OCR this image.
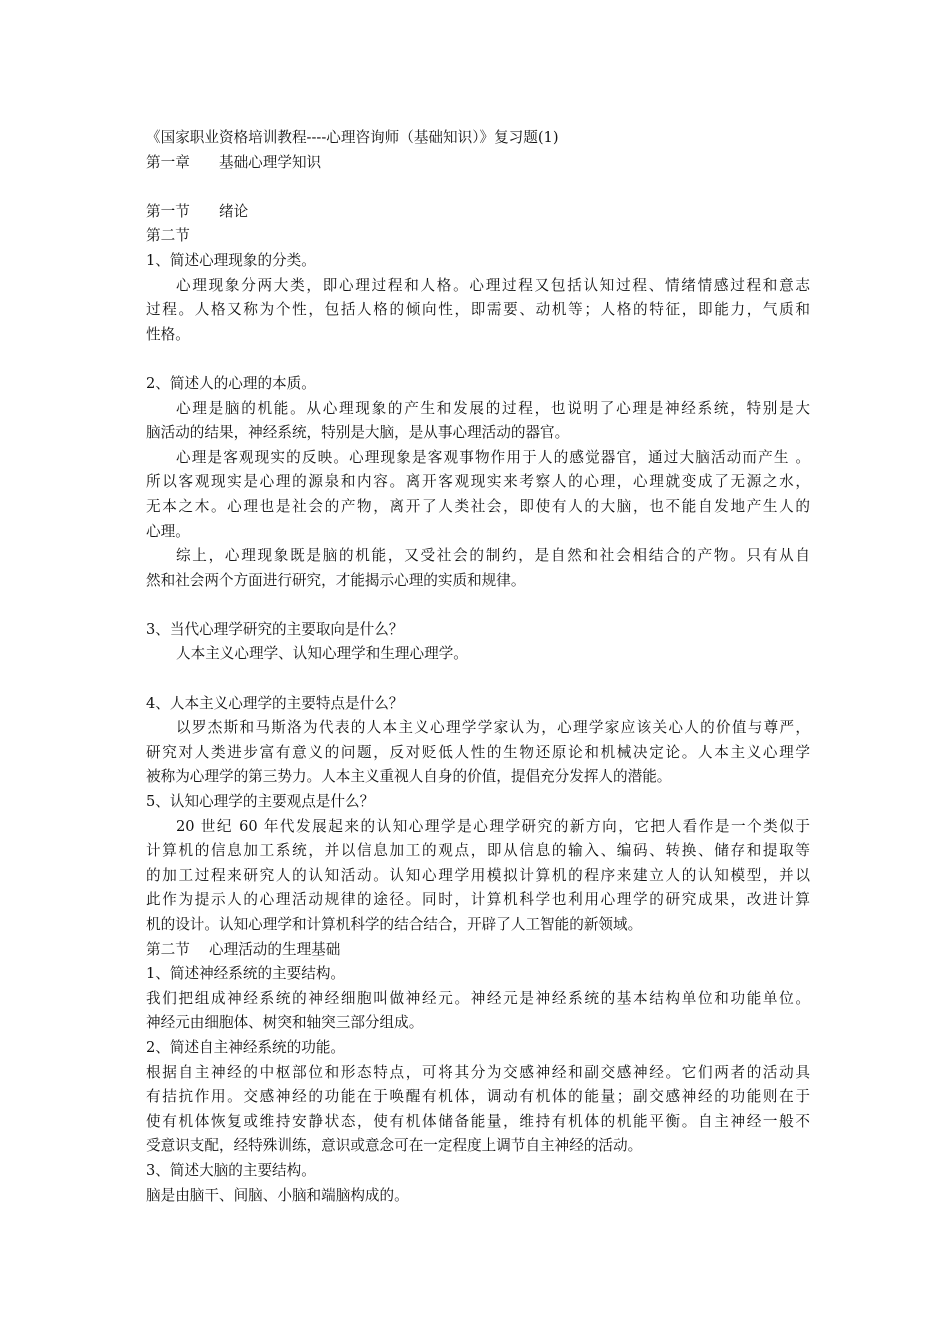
《国家职业资格培训教程----心理咨询师（基础知识）》复习题(1)
第一章　　基础心理学知识
第一节　　绪论
第二节
1、简述心理现象的分类。
心理现象分两大类，即心理过程和人格。心理过程又包括认知过程、情绪情感过程和意志
过程。人格又称为个性，包括人格的倾向性，即需要、动机等；人格的特征，即能力，气质和
性格。
2、简述人的心理的本质。
心理是脑的机能。从心理现象的产生和发展的过程，也说明了心理是神经系统，特别是大
脑活动的结果，神经系统，特别是大脑，是从事心理活动的器官。
心理是客观现实的反映。心理现象是客观事物作用于人的感觉器官，通过大脑活动而产生 。
所以客观现实是心理的源泉和内容。离开客观现实来考察人的心理，心理就变成了无源之水，
无本之木。心理也是社会的产物，离开了人类社会，即使有人的大脑，也不能自发地产生人的
心理。
综上，心理现象既是脑的机能，又受社会的制约，是自然和社会相结合的产物。只有从自
然和社会两个方面进行研究，才能揭示心理的实质和规律。
3、当代心理学研究的主要取向是什么？
人本主义心理学、认知心理学和生理心理学。
4、人本主义心理学的主要特点是什么？
以罗杰斯和马斯洛为代表的人本主义心理学学家认为，心理学家应该关心人的价值与尊严，
研究对人类进步富有意义的问题，反对贬低人性的生物还原论和机械决定论。人本主义心理学
被称为心理学的第三势力。人本主义重视人自身的价值，提倡充分发挥人的潜能。
5、认知心理学的主要观点是什么？
20 世纪 60 年代发展起来的认知心理学是心理学研究的新方向，它把人看作是一个类似于
计算机的信息加工系统，并以信息加工的观点，即从信息的输入、编码、转换、储存和提取等
的加工过程来研究人的认知活动。认知心理学用模拟计算机的程序来建立人的认知模型，并以
此作为提示人的心理活动规律的途径。同时，计算机科学也利用心理学的研究成果，改进计算
机的设计。认知心理学和计算机科学的结合结合，开辟了人工智能的新领域。
第二节　 心理活动的生理基础
1、简述神经系统的主要结构。
我们把组成神经系统的神经细胞叫做神经元。神经元是神经系统的基本结构单位和功能单位。
神经元由细胞体、树突和轴突三部分组成。
2、简述自主神经系统的功能。
根据自主神经的中枢部位和形态特点，可将其分为交感神经和副交感神经。它们两者的活动具
有拮抗作用。交感神经的功能在于唤醒有机体，调动有机体的能量；副交感神经的功能则在于
使有机体恢复或维持安静状态，使有机体储备能量，维持有机体的机能平衡。自主神经一般不
受意识支配，经特殊训练，意识或意念可在一定程度上调节自主神经的活动。
3、简述大脑的主要结构。
脑是由脑干、间脑、小脑和端脑构成的。
